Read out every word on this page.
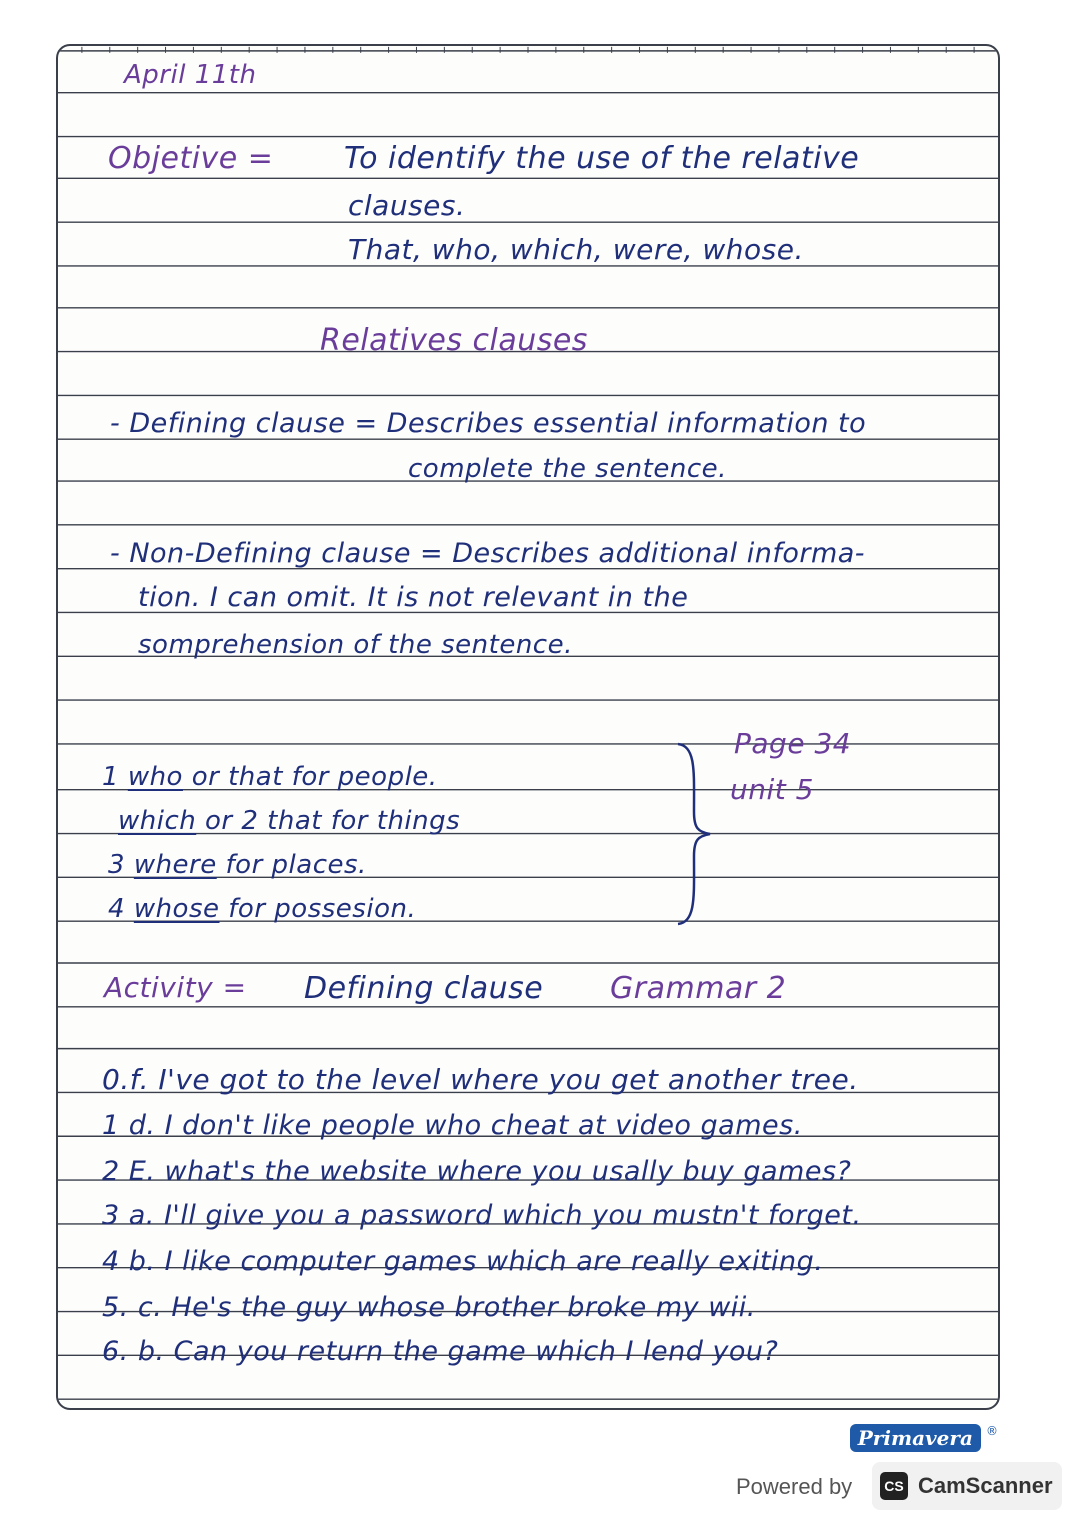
April 11th
Objetive = To identify the use of the relative
clauses.
That, who, which, were, whose.
Relatives clauses
- Defining clause = Describes essential information to
complete the sentence.
- Non-Defining clause = Describes additional informa-
tion. I can omit. It is not relevant in the
somprehension of the sentence.
1 who or that for people.
which or 2 that for things
3 where for places.
4 whose for possesion.
Page 34
unit 5
Activity = Defining clause Grammar 2
0.f. I've got to the level where you get another tree.
1 d. I don't like people who cheat at video games.
2 E. what's the website where you usally buy games?
3 a. I'll give you a password which you mustn't forget.
4 b. I like computer games which are really exiting.
5. c. He's the guy whose brother broke my wii.
6. b. Can you return the game which I lend you?
Primavera ®
Powered by	CS CamScanner
